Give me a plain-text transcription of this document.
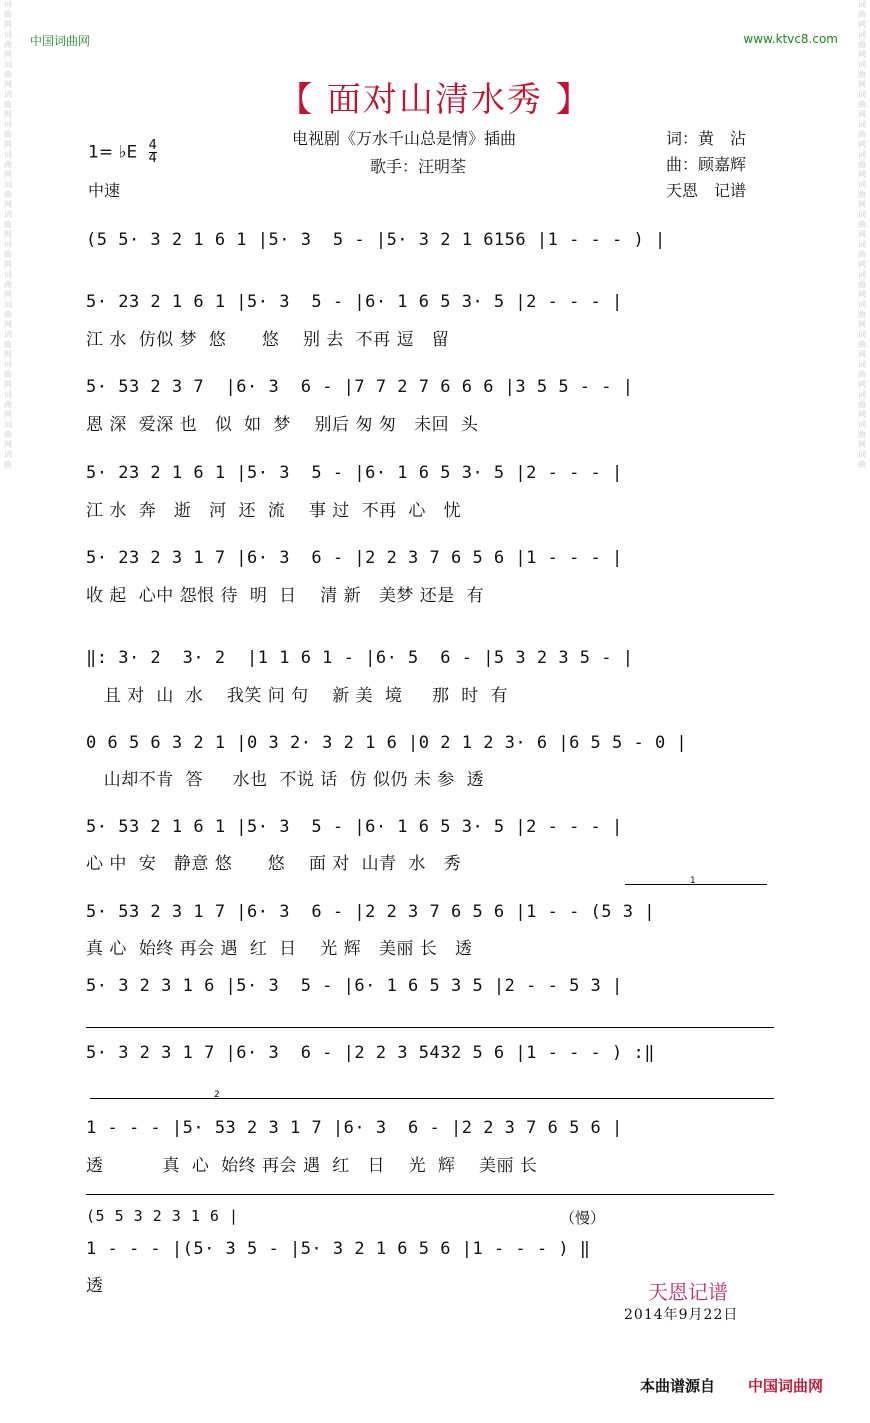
词
曲
网
词
曲
网
词
曲
网
词
曲
网
词
曲
网
词
曲
网
词
曲
网
词
曲
网
词
曲
网
词
曲
网
词
曲
网
词
曲
网
词
曲
网
词
曲
网
词
曲
网
词
曲
词
曲
网
词
曲
网
词
曲
网
词
曲
网
词
曲
网
词
曲
网
词
曲
网
词
曲
网
词
曲
网
词
曲
网
词
曲
网
词
曲
网
词
曲
网
词
曲
网
词
曲
网
词
曲
中国词曲网	www.ktvc8.com
【 面对山清水秀 】
电视剧《万水千山总是情》插曲
歌手：汪明荃
词：黄　沾
曲：顾嘉辉
天恩　记谱
1= ♭E $\frac{4}{4}$
中速
(5 5· 3 2 1 6 1 |5· 3  5 - |5· 3 2 1 6156 |1 - - - ) |
5· 23 2 1 6 1 |5· 3  5 - |6· 1 6 5 3· 5 |2 - - - |
江 水  仿似 梦  悠      悠    别 去  不再 逗   留
5· 53 2 3 7  |6· 3  6 - |7 7 2 7 6 6 6 |3 5 5 - - |
恩 深  爱深 也   似  如  梦    别后 匆 匆   未回  头
5· 23 2 1 6 1 |5· 3  5 - |6· 1 6 5 3· 5 |2 - - - |
江 水  奔   逝   河  还  流    事 过  不再  心   忧
5· 23 2 3 1 7 |6· 3  6 - |2 2 3 7 6 5 6 |1 - - - |
收 起  心中 怨恨 待  明  日    清 新   美梦 还是  有
‖: 3· 2  3· 2  |1 1 6 1 - |6· 5  6 - |5 3 2 3 5 - |
且 对  山  水    我笑 问 句    新 美  境     那  时  有
0 6 5 6 3 2 1 |0 3 2· 3 2 1 6 |0 2 1 2 3· 6 |6 5 5 - 0 |
山却不肯  答     水也  不说 话  仿 似仍 未 参  透
5· 53 2 1 6 1 |5· 3  5 - |6· 1 6 5 3· 5 |2 - - - |
心 中  安   静意 悠      悠    面 对  山青  水   秀
1
5· 53 2 3 1 7 |6· 3  6 - |2 2 3 7 6 5 6 |1 - - (5 3 |
真 心  始终 再会 遇  红  日    光 辉   美丽 长   透
5· 3 2 3 1 6 |5· 3  5 - |6· 1 6 5 3 5 |2 - - 5 3 |
5· 3 2 3 1 7 |6· 3  6 - |2 2 3 5432 5 6 |1 - - - ) :‖
2
1 - - - |5· 53 2 3 1 7 |6· 3  6 - |2 2 3 7 6 5 6 |
透          真  心  始终 再会 遇  红   日    光  辉    美丽 长
(5 5 3 2 3 1 6 |	（慢）
1 - - - |(5· 3 5 - |5· 3 2 1 6 5 6 |1 - - - ) ‖
透	天恩记谱
2014年9月22日
本曲谱源自 中国词曲网
